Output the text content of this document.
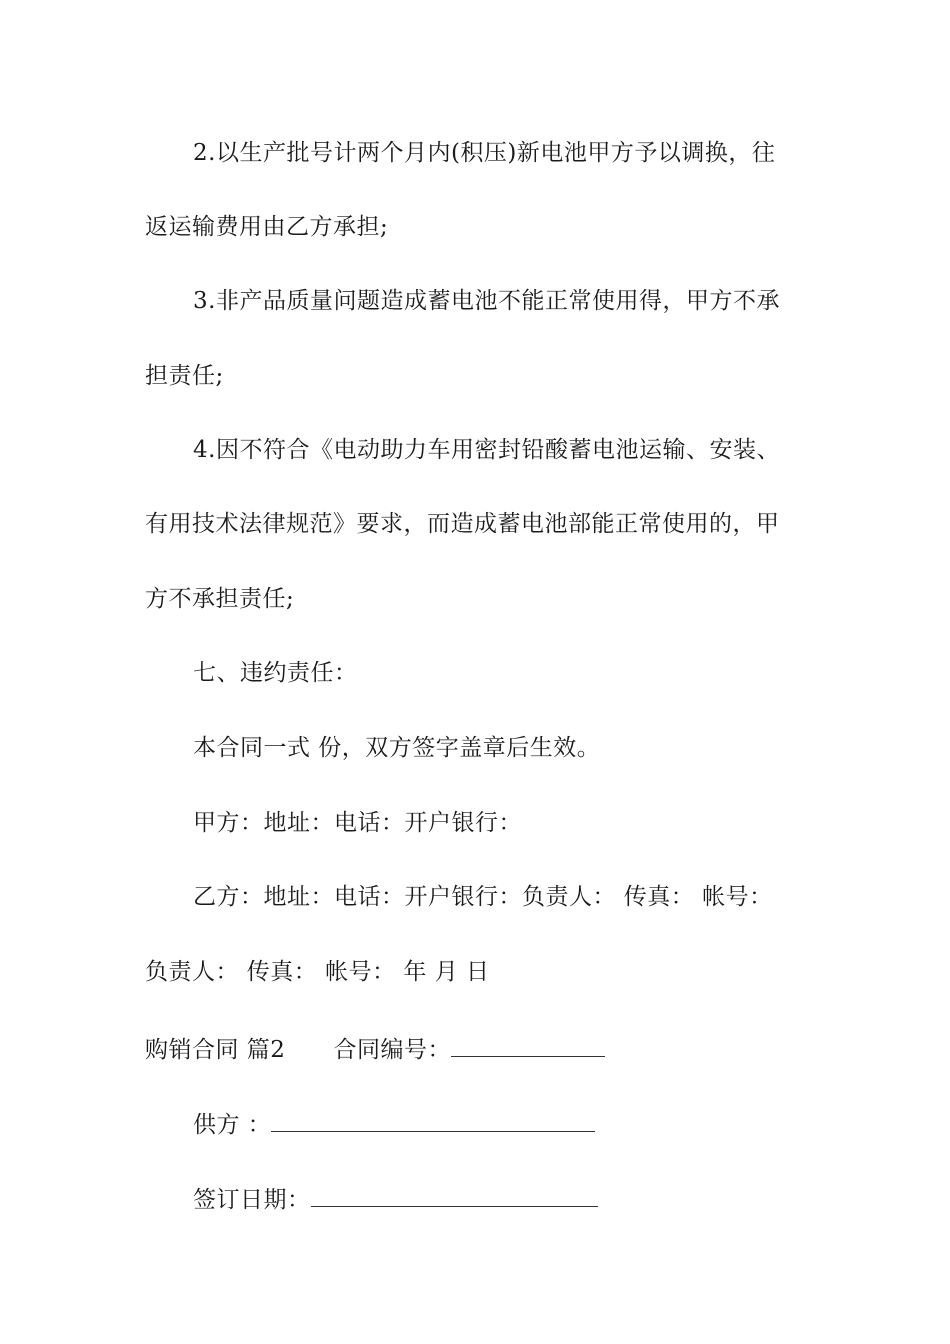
2.以生产批号计两个月内(积压)新电池甲方予以调换，往
返运输费用由乙方承担;
3.非产品质量问题造成蓄电池不能正常使用得，甲方不承
担责任;
4.因不符合《电动助力车用密封铅酸蓄电池运输、安装、
有用技术法律规范》要求，而造成蓄电池部能正常使用的，甲
方不承担责任;
七、违约责任：
本合同一式 份，双方签字盖章后生效。
甲方：地址：电话：开户银行：
乙方：地址：电话：开户银行：负责人： 传真： 帐号：
负责人： 传真： 帐号： 年 月 日
购销合同 篇2 合同编号：
供方 ：
签订日期：
